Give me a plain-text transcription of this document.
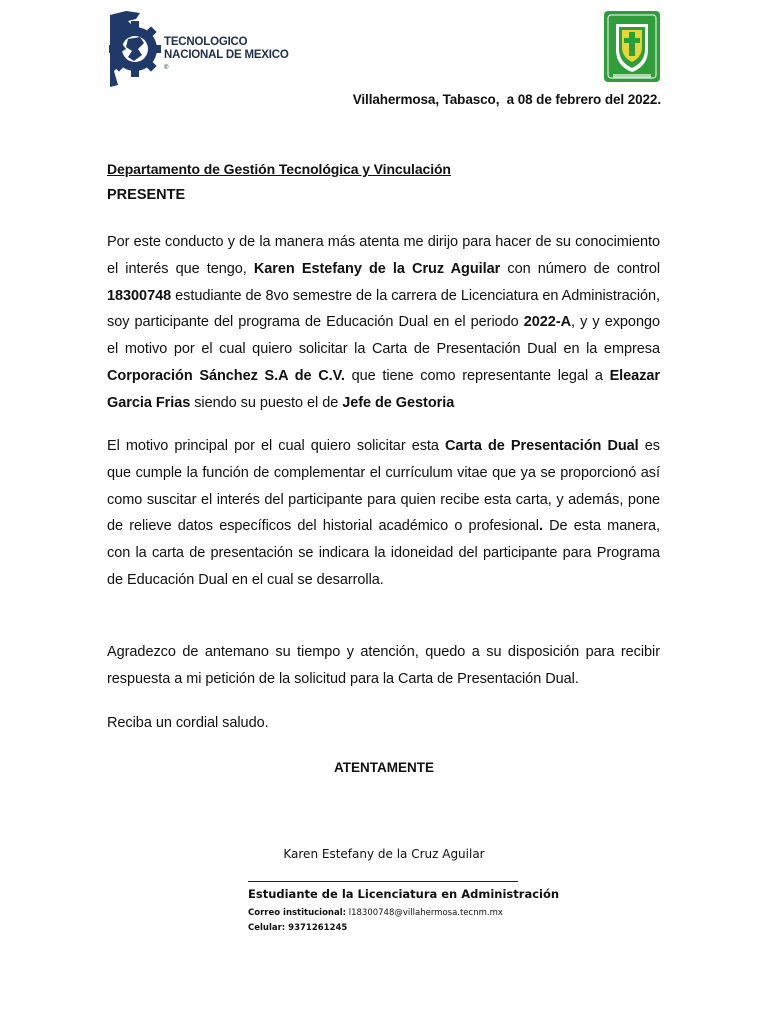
TECNOLOGICO
NACIONAL DE MEXICO
®
Villahermosa, Tabasco,  a 08 de febrero del 2022.
Departamento de Gestión Tecnológica y Vinculación
PRESENTE

Por este conducto y de la manera más atenta me dirijo para hacer de su conocimiento el interés que tengo, Karen Estefany de la Cruz Aguilar con número de control 18300748 estudiante de 8vo semestre de la carrera de Licenciatura en Administración, soy participante del programa de Educación Dual en el periodo 2022-A, y y expongo el motivo por el cual quiero solicitar la Carta de Presentación Dual en la empresa Corporación Sánchez S.A de C.V. que tiene como representante legal a Eleazar Garcia Frias siendo su puesto el de Jefe de Gestoria

El motivo principal por el cual quiero solicitar esta Carta de Presentación Dual es que cumple la función de complementar el currículum vitae que ya se proporcionó así como suscitar el interés del participante para quien recibe esta carta, y además, pone de relieve datos específicos del historial académico o profesional. De esta manera, con la carta de presentación se indicara la idoneidad del participante para Programa de Educación Dual en el cual se desarrolla.

Agradezco de antemano su tiempo y atención, quedo a su disposición para recibir respuesta a mi petición de la solicitud para la Carta de Presentación Dual.

Reciba un cordial saludo.

ATENTAMENTE
Karen Estefany de la Cruz Aguilar
Estudiante de la Licenciatura en Administración
Correo institucional: l18300748@villahermosa.tecnm.mx
Celular: 9371261245
